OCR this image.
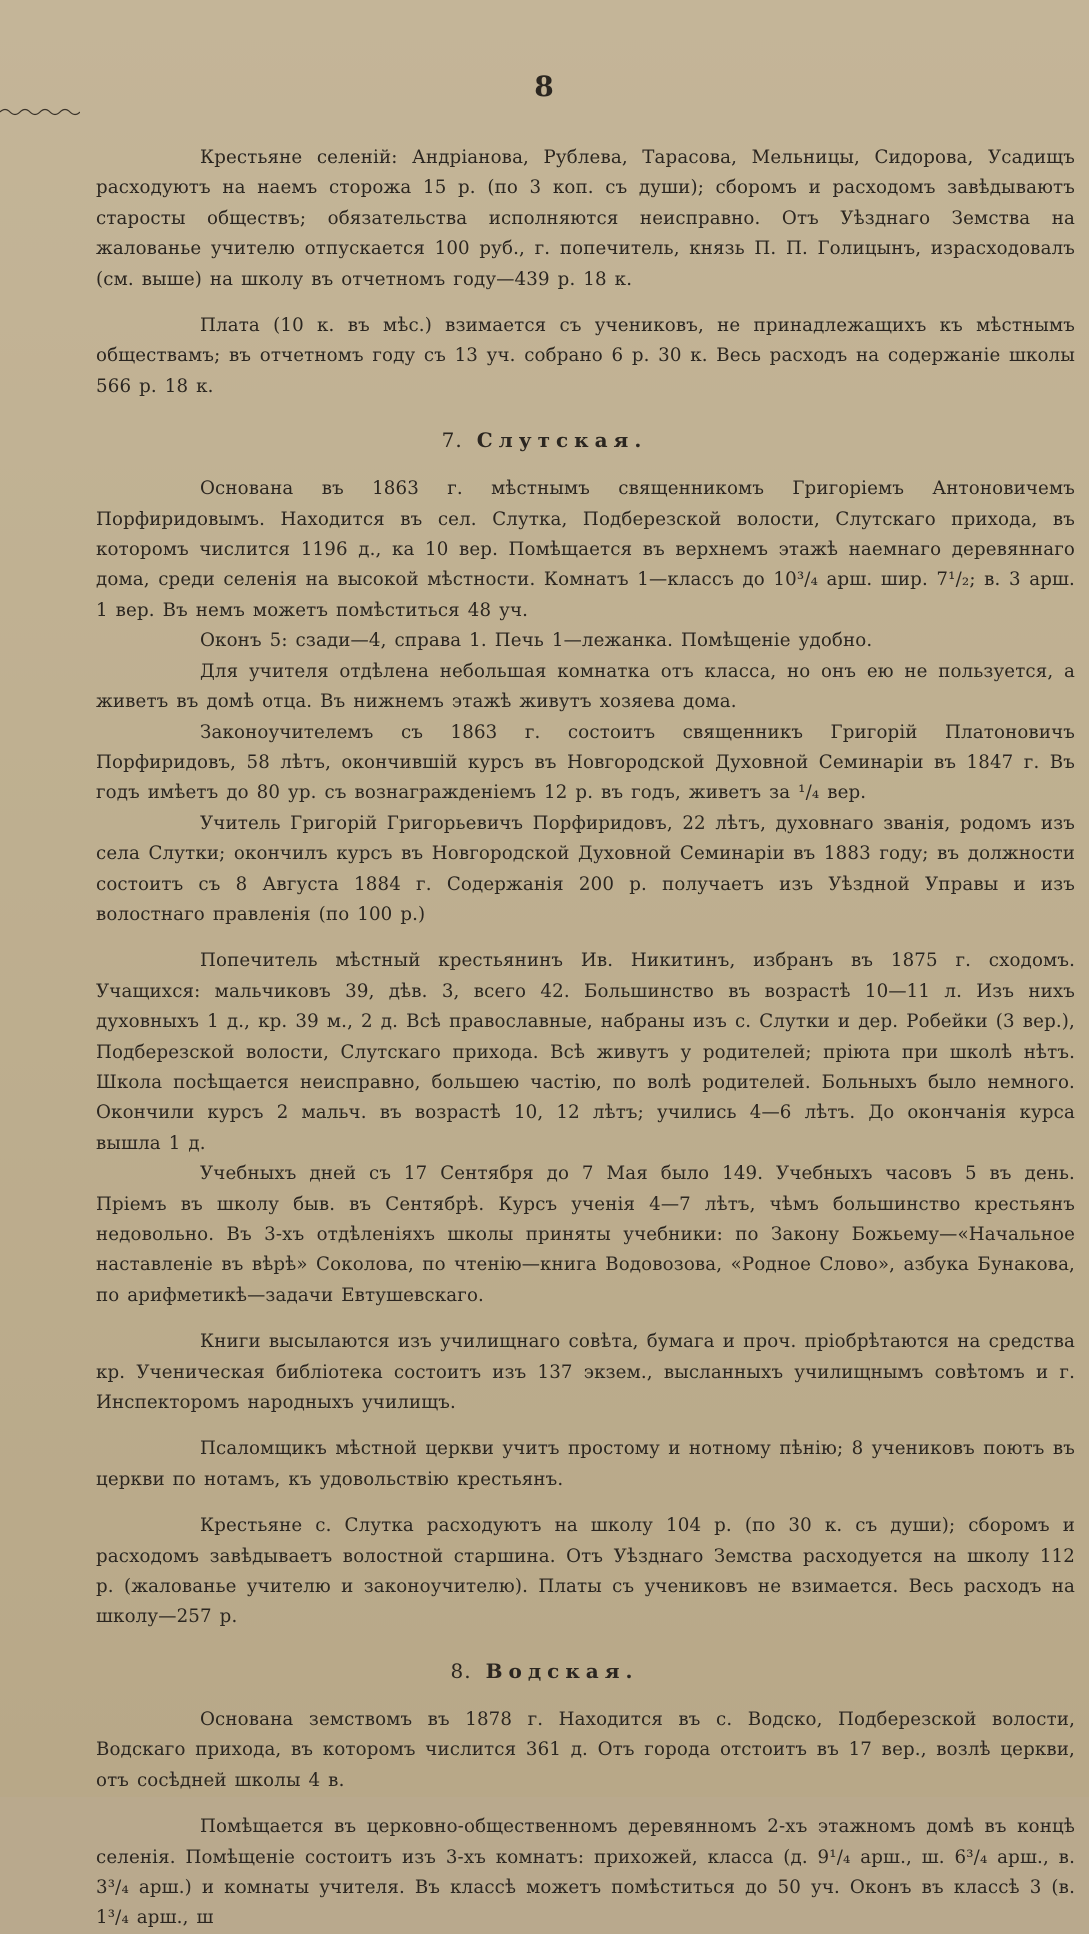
8

Крестьяне селеній: Андріанова, Рублева, Тарасова, Мельницы, Сидорова, Усадищъ расходуютъ на наемъ сторожа 15 р. (по 3 коп. съ души); сборомъ и расходомъ завѣдываютъ старосты обществъ; обязательства исполняются неисправно. Отъ Уѣзднаго Земства на жалованье учителю отпускается 100 руб., г. попечитель, князь П. П. Голицынъ, израсходовалъ (см. выше) на школу въ отчетномъ году—439 р. 18 к.

Плата (10 к. въ мѣс.) взимается съ учениковъ, не принадлежащихъ къ мѣстнымъ обществамъ; въ отчетномъ году съ 13 уч. собрано 6 р. 30 к. Весь расходъ на содержаніе школы 566 р. 18 к.

7. Слутская.

Основана въ 1863 г. мѣстнымъ священникомъ Григоріемъ Антоновичемъ Порфиридовымъ. Находится въ сел. Слутка, Подберезской волости, Слутскаго прихода, въ которомъ числится 1196 д., ка 10 вер. Помѣщается въ верхнемъ этажѣ наемнаго деревяннаго дома, среди селенія на высокой мѣстности. Комнатъ 1—классъ до 10³/₄ арш. шир. 7¹/₂; в. 3 арш. 1 вер. Въ немъ можетъ помѣститься 48 уч.

Оконъ 5: сзади—4, справа 1. Печь 1—лежанка. Помѣщеніе удобно.

Для учителя отдѣлена небольшая комнатка отъ класса, но онъ ею не пользуется, а живетъ въ домѣ отца. Въ нижнемъ этажѣ живутъ хозяева дома.

Законоучителемъ съ 1863 г. состоитъ священникъ Григорій Платоновичъ Порфиридовъ, 58 лѣтъ, окончившій курсъ въ Новгородской Духовной Семинаріи въ 1847 г. Въ годъ имѣетъ до 80 ур. съ вознагражденіемъ 12 р. въ годъ, живетъ за ¹/₄ вер.

Учитель Григорій Григорьевичъ Порфиридовъ, 22 лѣтъ, духовнаго званія, родомъ изъ села Слутки; окончилъ курсъ въ Новгородской Духовной Семинаріи въ 1883 году; въ должности состоитъ съ 8 Августа 1884 г. Содержанія 200 р. получаетъ изъ Уѣздной Управы и изъ волостнаго правленія (по 100 р.)

Попечитель мѣстный крестьянинъ Ив. Никитинъ, избранъ въ 1875 г. сходомъ. Учащихся: мальчиковъ 39, дѣв. 3, всего 42. Большинство въ возрастѣ 10—11 л. Изъ нихъ духовныхъ 1 д., кр. 39 м., 2 д. Всѣ православные, набраны изъ с. Слутки и дер. Робейки (3 вер.), Подберезской волости, Слутскаго прихода. Всѣ живутъ у родителей; пріюта при школѣ нѣтъ. Школа посѣщается неисправно, большею частію, по волѣ родителей. Больныхъ было немного. Окончили курсъ 2 мальч. въ возрастѣ 10, 12 лѣтъ; учились 4—6 лѣтъ. До окончанія курса вышла 1 д.

Учебныхъ дней съ 17 Сентября до 7 Мая было 149. Учебныхъ часовъ 5 въ день. Пріемъ въ школу быв. въ Сентябрѣ. Курсъ ученія 4—7 лѣтъ, чѣмъ большинство крестьянъ недовольно. Въ 3-хъ отдѣленіяхъ школы приняты учебники: по Закону Божьему—«Начальное наставленіе въ вѣрѣ» Соколова, по чтенію—книга Водовозова, «Родное Слово», азбука Бунакова, по арифметикѣ—задачи Евтушевскаго.

Книги высылаются изъ училищнаго совѣта, бумага и проч. пріобрѣтаются на средства кр. Ученическая библіотека состоитъ изъ 137 экзем., высланныхъ училищнымъ совѣтомъ и г. Инспекторомъ народныхъ училищъ.

Псаломщикъ мѣстной церкви учитъ простому и нотному пѣнію; 8 учениковъ поютъ въ церкви по нотамъ, къ удовольствію крестьянъ.

Крестьяне с. Слутка расходуютъ на школу 104 р. (по 30 к. съ души); сборомъ и расходомъ завѣдываетъ волостной старшина. Отъ Уѣзднаго Земства расходуется на школу 112 р. (жалованье учителю и законоучителю). Платы съ учениковъ не взимается. Весь расходъ на школу—257 р.

8. Водская.

Основана земствомъ въ 1878 г. Находится въ с. Водско, Подберезской волости, Водскаго прихода, въ которомъ числится 361 д. Отъ города отстоитъ въ 17 вер., возлѣ церкви, отъ сосѣдней школы 4 в.

Помѣщается въ церковно-общественномъ деревянномъ 2-хъ этажномъ домѣ въ концѣ селенія. Помѣщеніе состоитъ изъ 3-хъ комнатъ: прихожей, класса (д. 9¹/₄ арш., ш. 6³/₄ арш., в. 3³/₄ арш.) и комнаты учителя. Въ классѣ можетъ помѣститься до 50 уч. Оконъ въ классѣ 3 (в. 1³/₄ арш., ш
